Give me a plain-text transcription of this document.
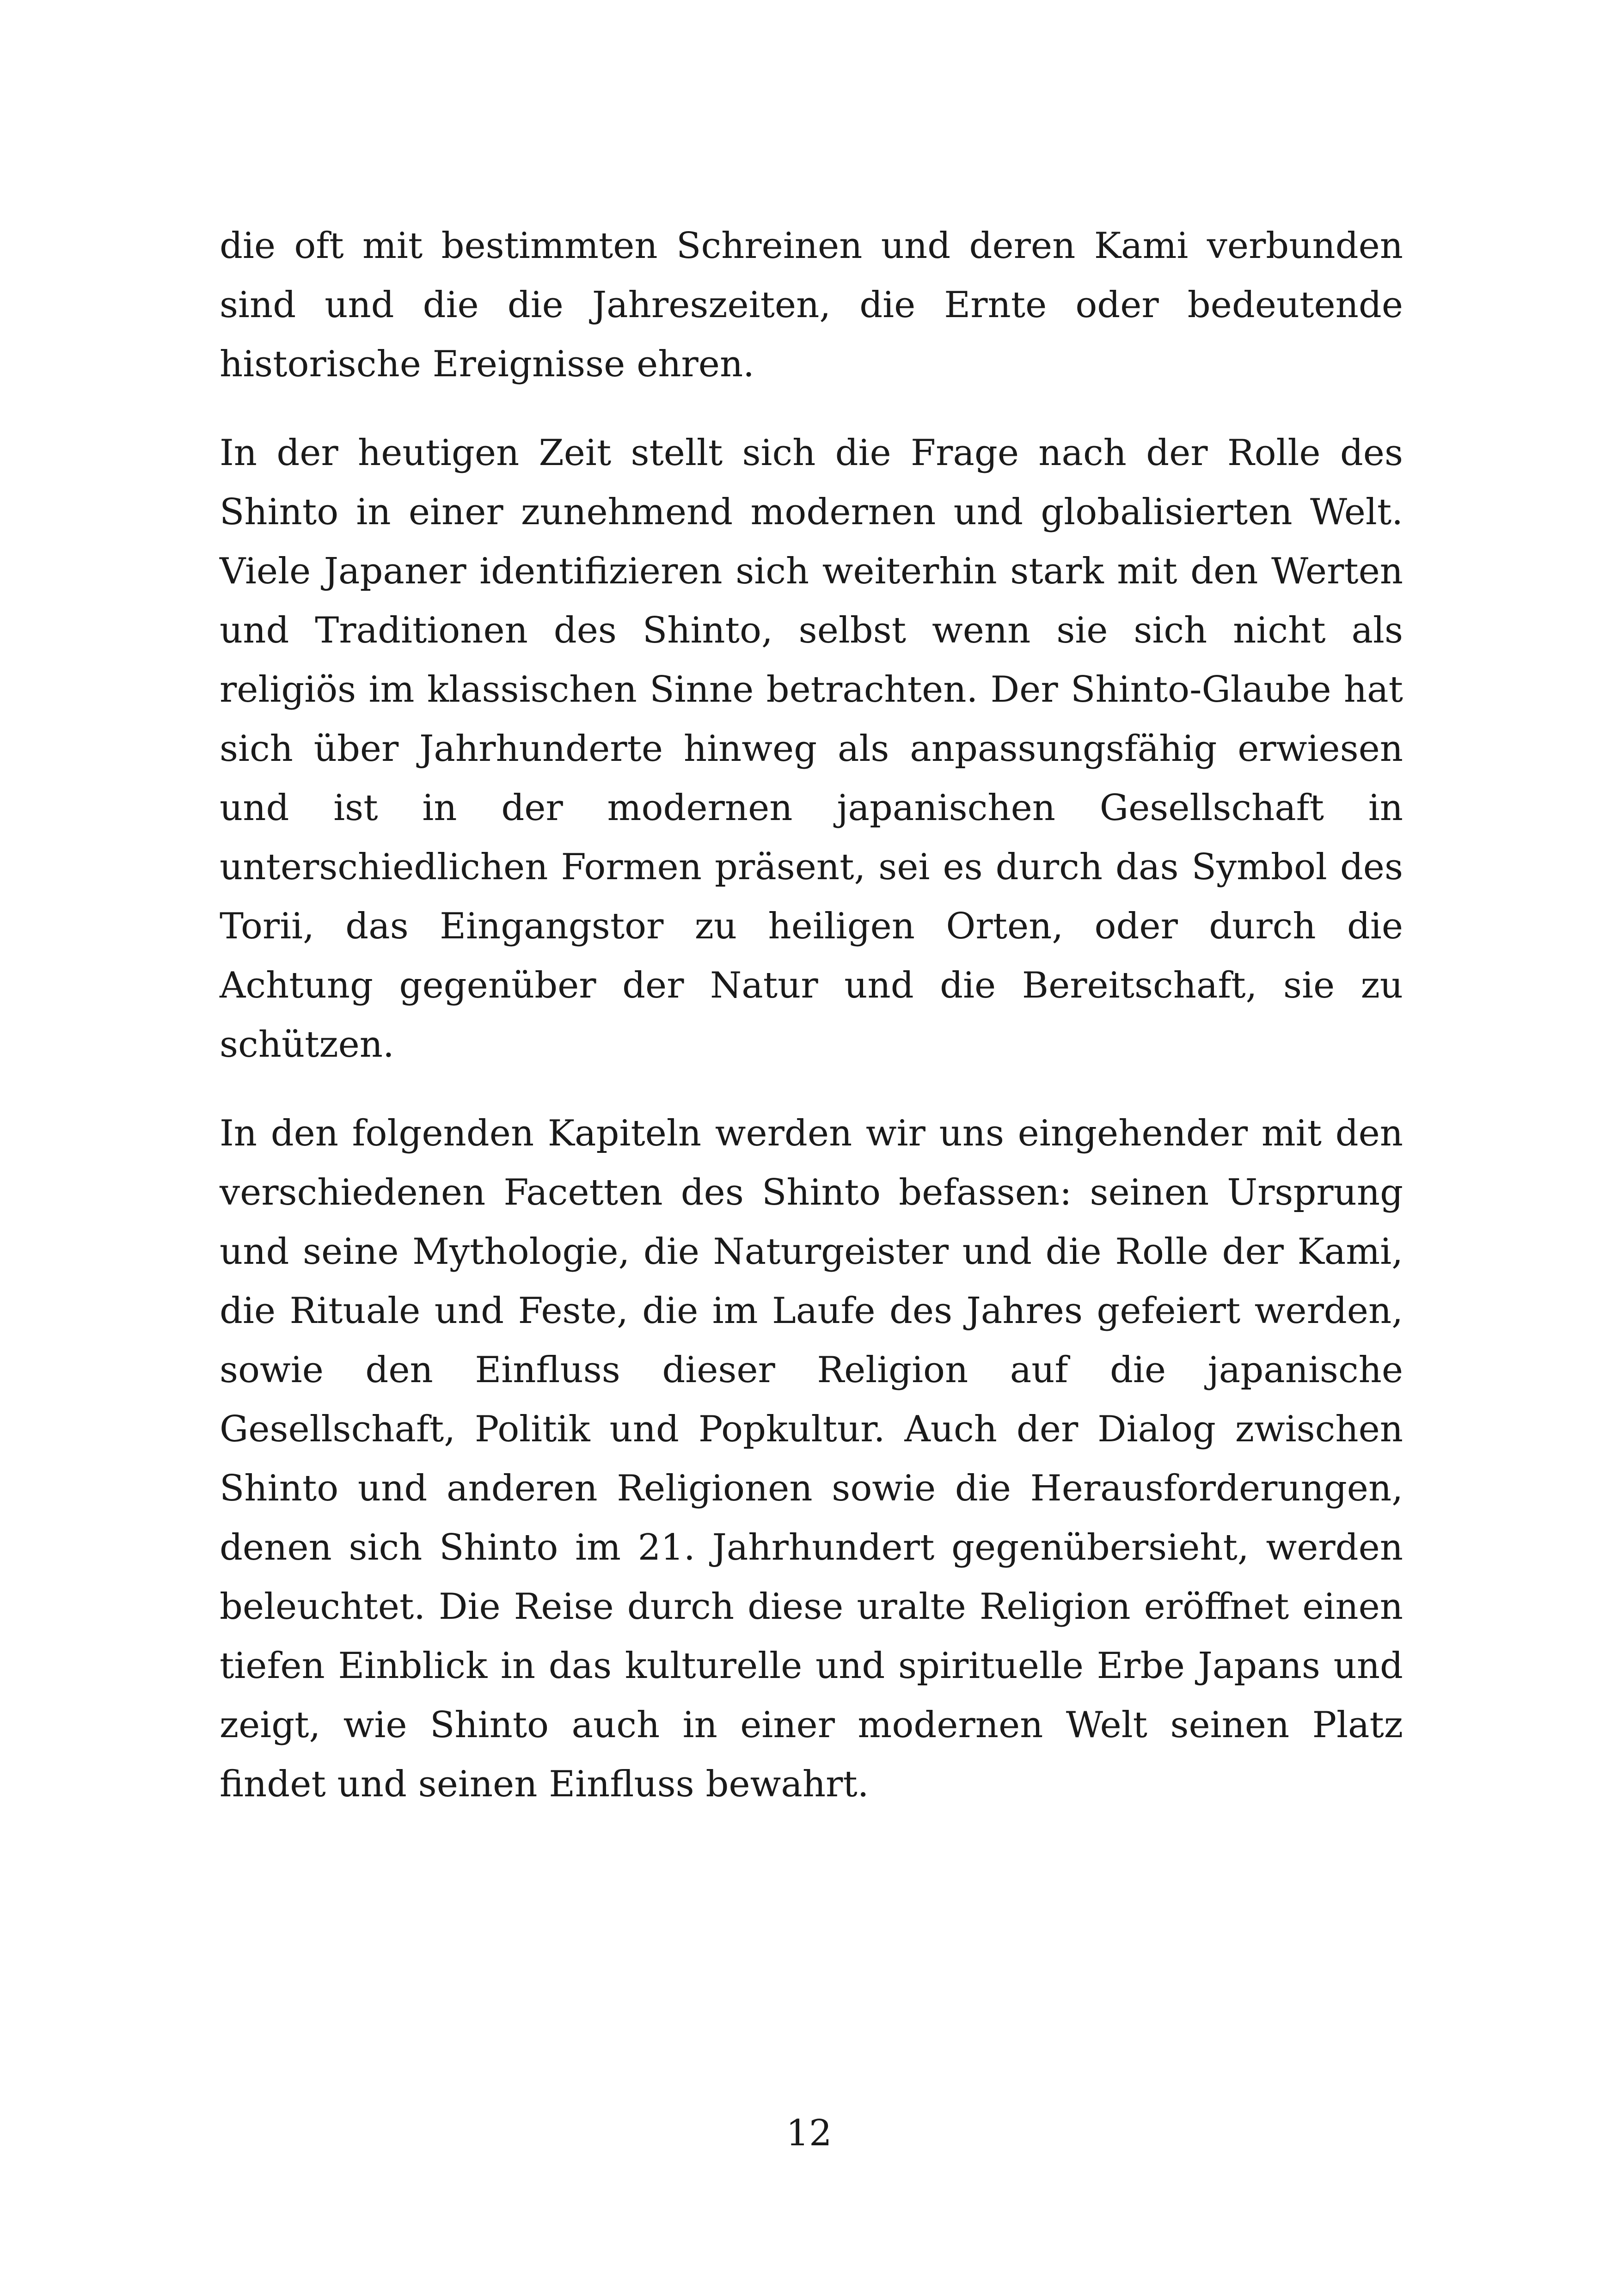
die oft mit bestimmten Schreinen und deren Kami verbunden sind und die die Jahreszeiten, die Ernte oder bedeutende historische Ereignisse ehren.

In der heutigen Zeit stellt sich die Frage nach der Rolle des Shinto in einer zunehmend modernen und globalisierten Welt. Viele Japaner identifizieren sich weiterhin stark mit den Werten und Traditionen des Shinto, selbst wenn sie sich nicht als religiös im klassischen Sinne betrachten. Der Shinto-Glaube hat sich über Jahrhunderte hinweg als anpassungsfähig erwiesen und ist in der modernen japanischen Gesellschaft in unterschiedlichen Formen präsent, sei es durch das Symbol des Torii, das Eingangstor zu heiligen Orten, oder durch die Achtung gegenüber der Natur und die Bereitschaft, sie zu schützen.

In den folgenden Kapiteln werden wir uns eingehender mit den verschiedenen Facetten des Shinto befassen: seinen Ursprung und seine Mythologie, die Naturgeister und die Rolle der Kami, die Rituale und Feste, die im Laufe des Jahres gefeiert werden, sowie den Einfluss dieser Religion auf die japanische Gesellschaft, Politik und Popkultur. Auch der Dialog zwischen Shinto und anderen Religionen sowie die Herausforderungen, denen sich Shinto im 21. Jahrhundert gegenübersieht, werden beleuchtet. Die Reise durch diese uralte Religion eröffnet einen tiefen Einblick in das kulturelle und spirituelle Erbe Japans und zeigt, wie Shinto auch in einer modernen Welt seinen Platz findet und seinen Einfluss bewahrt.

12
